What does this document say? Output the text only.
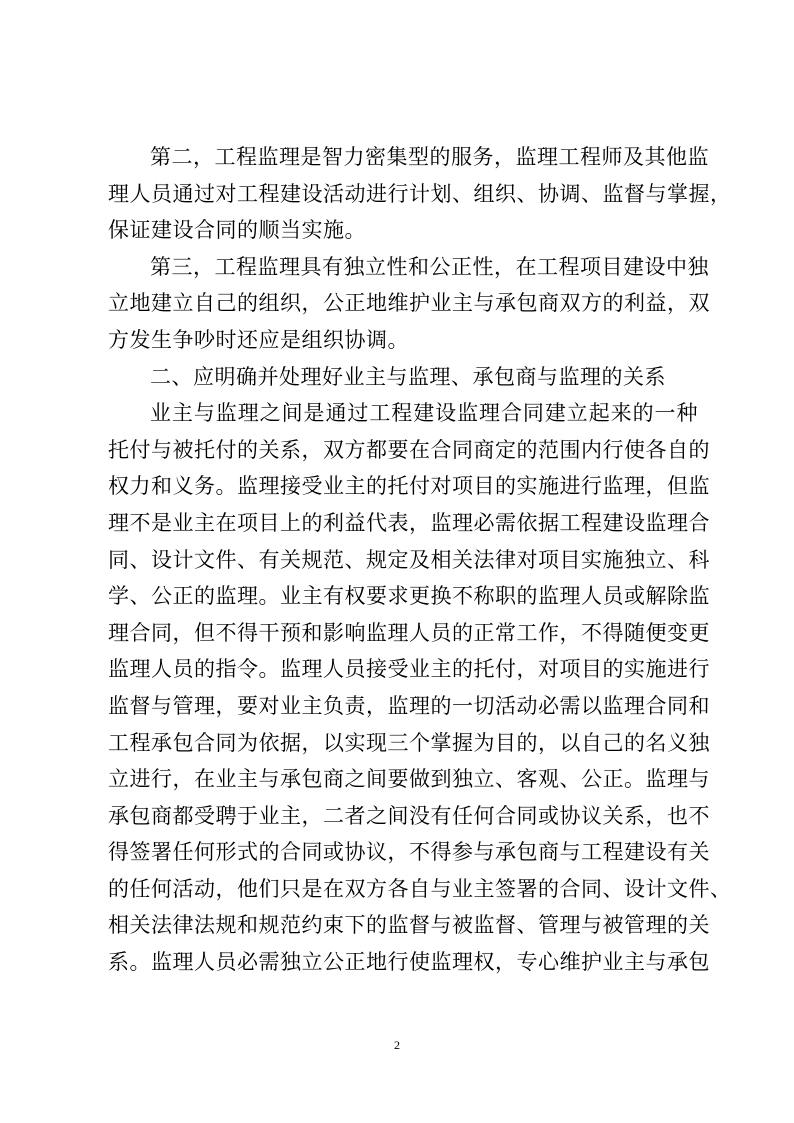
第二，工程监理是智力密集型的服务，监理工程师及其他监
理人员通过对工程建设活动进行计划、组织、协调、监督与掌握，
保证建设合同的顺当实施。
第三，工程监理具有独立性和公正性，在工程项目建设中独
立地建立自己的组织，公正地维护业主与承包商双方的利益，双
方发生争吵时还应是组织协调。
二、应明确并处理好业主与监理、承包商与监理的关系
业主与监理之间是通过工程建设监理合同建立起来的一种
托付与被托付的关系，双方都要在合同商定的范围内行使各自的
权力和义务。监理接受业主的托付对项目的实施进行监理，但监
理不是业主在项目上的利益代表，监理必需依据工程建设监理合
同、设计文件、有关规范、规定及相关法律对项目实施独立、科
学、公正的监理。业主有权要求更换不称职的监理人员或解除监
理合同，但不得干预和影响监理人员的正常工作，不得随便变更
监理人员的指令。监理人员接受业主的托付，对项目的实施进行
监督与管理，要对业主负责，监理的一切活动必需以监理合同和
工程承包合同为依据，以实现三个掌握为目的，以自己的名义独
立进行，在业主与承包商之间要做到独立、客观、公正。监理与
承包商都受聘于业主，二者之间没有任何合同或协议关系，也不
得签署任何形式的合同或协议，不得参与承包商与工程建设有关
的任何活动，他们只是在双方各自与业主签署的合同、设计文件、
相关法律法规和规范约束下的监督与被监督、管理与被管理的关
系。监理人员必需独立公正地行使监理权，专心维护业主与承包
2
